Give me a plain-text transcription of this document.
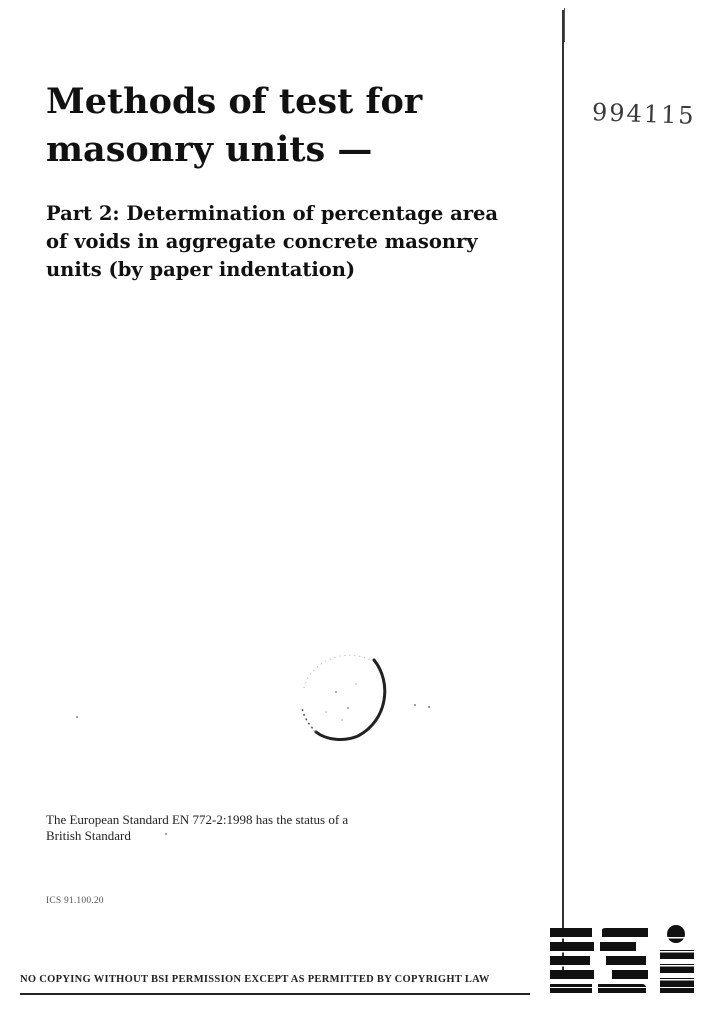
994115
Methods of test for
masonry units —
Part 2: Determination of percentage area
of voids in aggregate concrete masonry
units (by paper indentation)
The European Standard EN 772-2:1998 has the status of a
British Standard
ICS 91.100.20
NO COPYING WITHOUT BSI PERMISSION EXCEPT AS PERMITTED BY COPYRIGHT LAW
BSI
